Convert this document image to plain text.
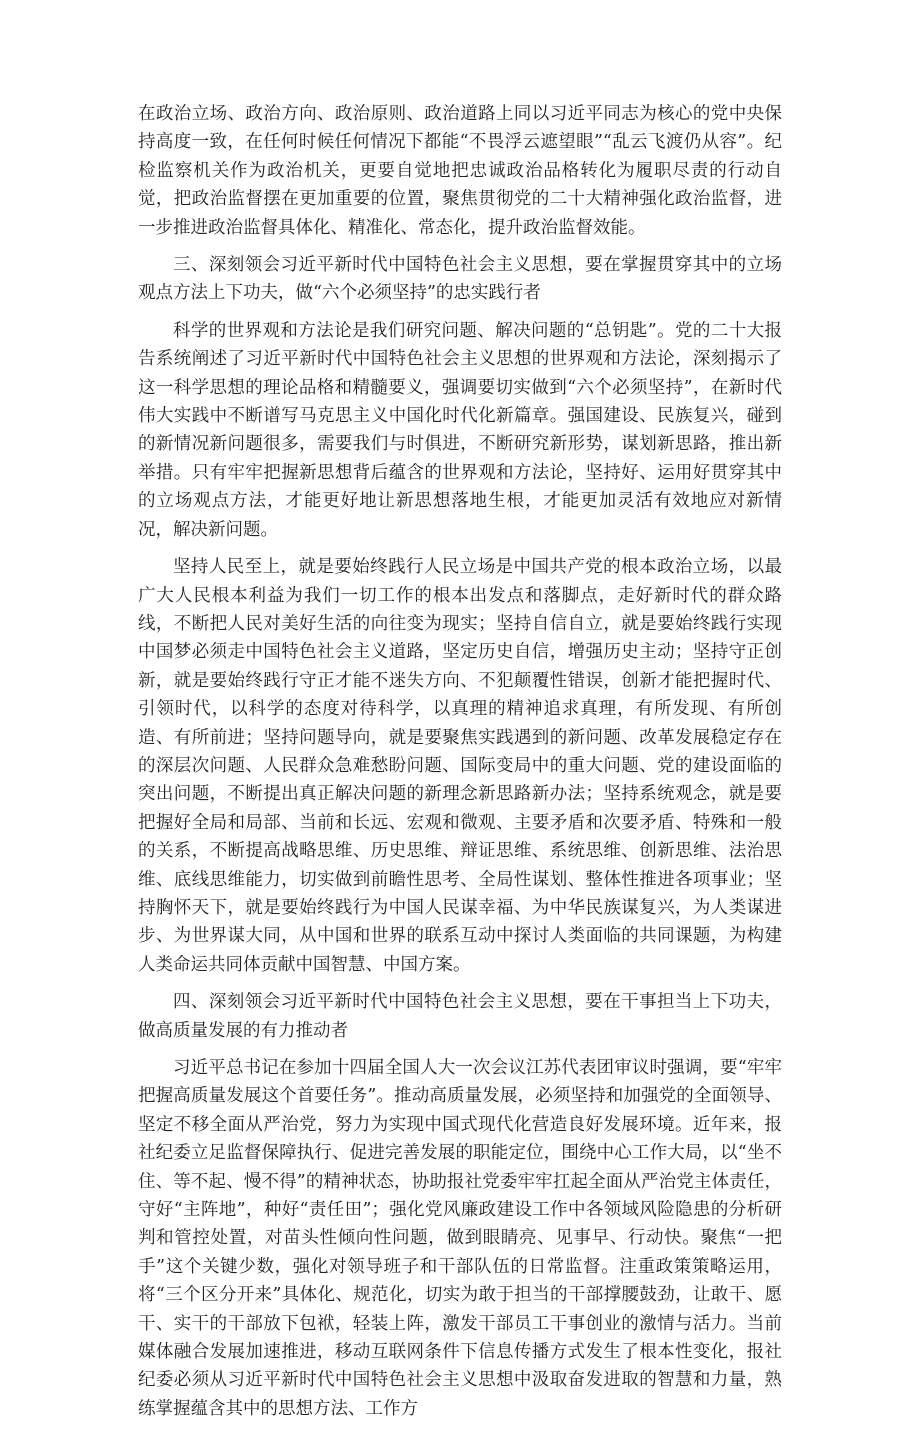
在政治立场、政治方向、政治原则、政治道路上同以习近平同志为核心的党中央保持高度一致，在任何时候任何情况下都能“不畏浮云遮望眼”“乱云飞渡仍从容”。纪检监察机关作为政治机关，更要自觉地把忠诚政治品格转化为履职尽责的行动自觉，把政治监督摆在更加重要的位置，聚焦贯彻党的二十大精神强化政治监督，进一步推进政治监督具体化、精准化、常态化，提升政治监督效能。

三、深刻领会习近平新时代中国特色社会主义思想，要在掌握贯穿其中的立场观点方法上下功夫，做“六个必须坚持”的忠实践行者

科学的世界观和方法论是我们研究问题、解决问题的“总钥匙”。党的二十大报告系统阐述了习近平新时代中国特色社会主义思想的世界观和方法论，深刻揭示了这一科学思想的理论品格和精髓要义，强调要切实做到“六个必须坚持”，在新时代伟大实践中不断谱写马克思主义中国化时代化新篇章。强国建设、民族复兴，碰到的新情况新问题很多，需要我们与时俱进，不断研究新形势，谋划新思路，推出新举措。只有牢牢把握新思想背后蕴含的世界观和方法论，坚持好、运用好贯穿其中的立场观点方法，才能更好地让新思想落地生根，才能更加灵活有效地应对新情况，解决新问题。

坚持人民至上，就是要始终践行人民立场是中国共产党的根本政治立场，以最广大人民根本利益为我们一切工作的根本出发点和落脚点，走好新时代的群众路线，不断把人民对美好生活的向往变为现实；坚持自信自立，就是要始终践行实现中国梦必须走中国特色社会主义道路，坚定历史自信，增强历史主动；坚持守正创新，就是要始终践行守正才能不迷失方向、不犯颠覆性错误，创新才能把握时代、引领时代，以科学的态度对待科学，以真理的精神追求真理，有所发现、有所创造、有所前进；坚持问题导向，就是要聚焦实践遇到的新问题、改革发展稳定存在的深层次问题、人民群众急难愁盼问题、国际变局中的重大问题、党的建设面临的突出问题，不断提出真正解决问题的新理念新思路新办法；坚持系统观念，就是要把握好全局和局部、当前和长远、宏观和微观、主要矛盾和次要矛盾、特殊和一般的关系，不断提高战略思维、历史思维、辩证思维、系统思维、创新思维、法治思维、底线思维能力，切实做到前瞻性思考、全局性谋划、整体性推进各项事业；坚持胸怀天下，就是要始终践行为中国人民谋幸福、为中华民族谋复兴，为人类谋进步、为世界谋大同，从中国和世界的联系互动中探讨人类面临的共同课题，为构建人类命运共同体贡献中国智慧、中国方案。

四、深刻领会习近平新时代中国特色社会主义思想，要在干事担当上下功夫，做高质量发展的有力推动者

习近平总书记在参加十四届全国人大一次会议江苏代表团审议时强调，要“牢牢把握高质量发展这个首要任务”。推动高质量发展，必须坚持和加强党的全面领导、坚定不移全面从严治党，努力为实现中国式现代化营造良好发展环境。近年来，报社纪委立足监督保障执行、促进完善发展的职能定位，围绕中心工作大局，以“坐不住、等不起、慢不得”的精神状态，协助报社党委牢牢扛起全面从严治党主体责任，守好“主阵地”，种好“责任田”；强化党风廉政建设工作中各领域风险隐患的分析研判和管控处置，对苗头性倾向性问题，做到眼睛亮、见事早、行动快。聚焦“一把手”这个关键少数，强化对领导班子和干部队伍的日常监督。注重政策策略运用，将“三个区分开来”具体化、规范化，切实为敢于担当的干部撑腰鼓劲，让敢干、愿干、实干的干部放下包袱，轻装上阵，激发干部员工干事创业的激情与活力。当前媒体融合发展加速推进，移动互联网条件下信息传播方式发生了根本性变化，报社纪委必须从习近平新时代中国特色社会主义思想中汲取奋发进取的智慧和力量，熟练掌握蕴含其中的思想方法、工作方
